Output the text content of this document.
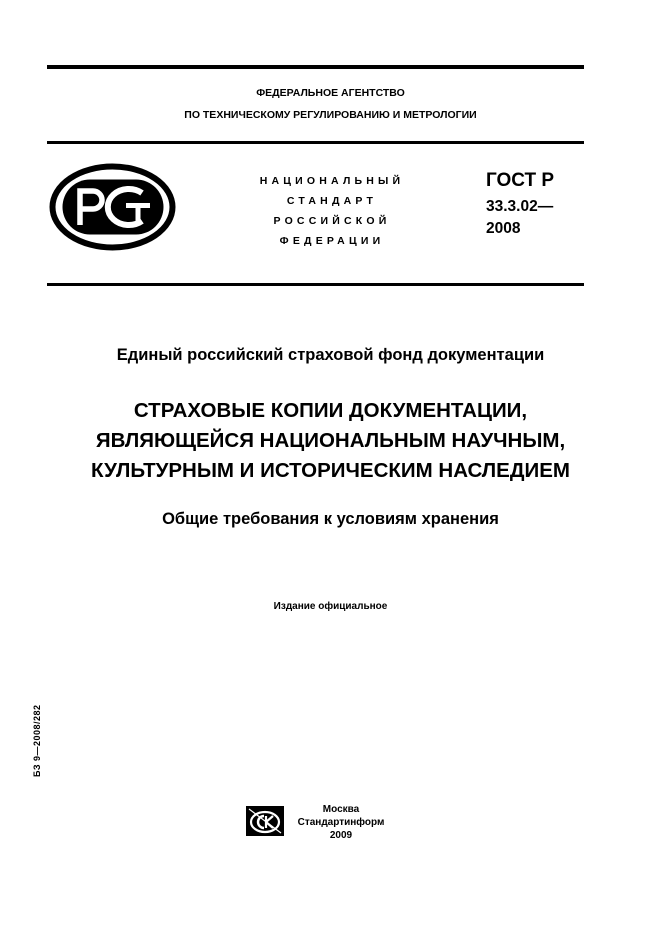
ФЕДЕРАЛЬНОЕ АГЕНТСТВО
ПО ТЕХНИЧЕСКОМУ РЕГУЛИРОВАНИЮ И МЕТРОЛОГИИ
НАЦИОНАЛЬНЫЙ
СТАНДАРТ
РОССИЙСКОЙ
ФЕДЕРАЦИИ
ГОСТ Р
33.3.02—
2008
Единый российский страховой фонд документации
СТРАХОВЫЕ КОПИИ ДОКУМЕНТАЦИИ,
ЯВЛЯЮЩЕЙСЯ НАЦИОНАЛЬНЫМ НАУЧНЫМ,
КУЛЬТУРНЫМ И ИСТОРИЧЕСКИМ НАСЛЕДИЕМ
Общие требования к условиям хранения
Издание официальное
БЗ 9—2008/282
Москва
Стандартинформ
2009
